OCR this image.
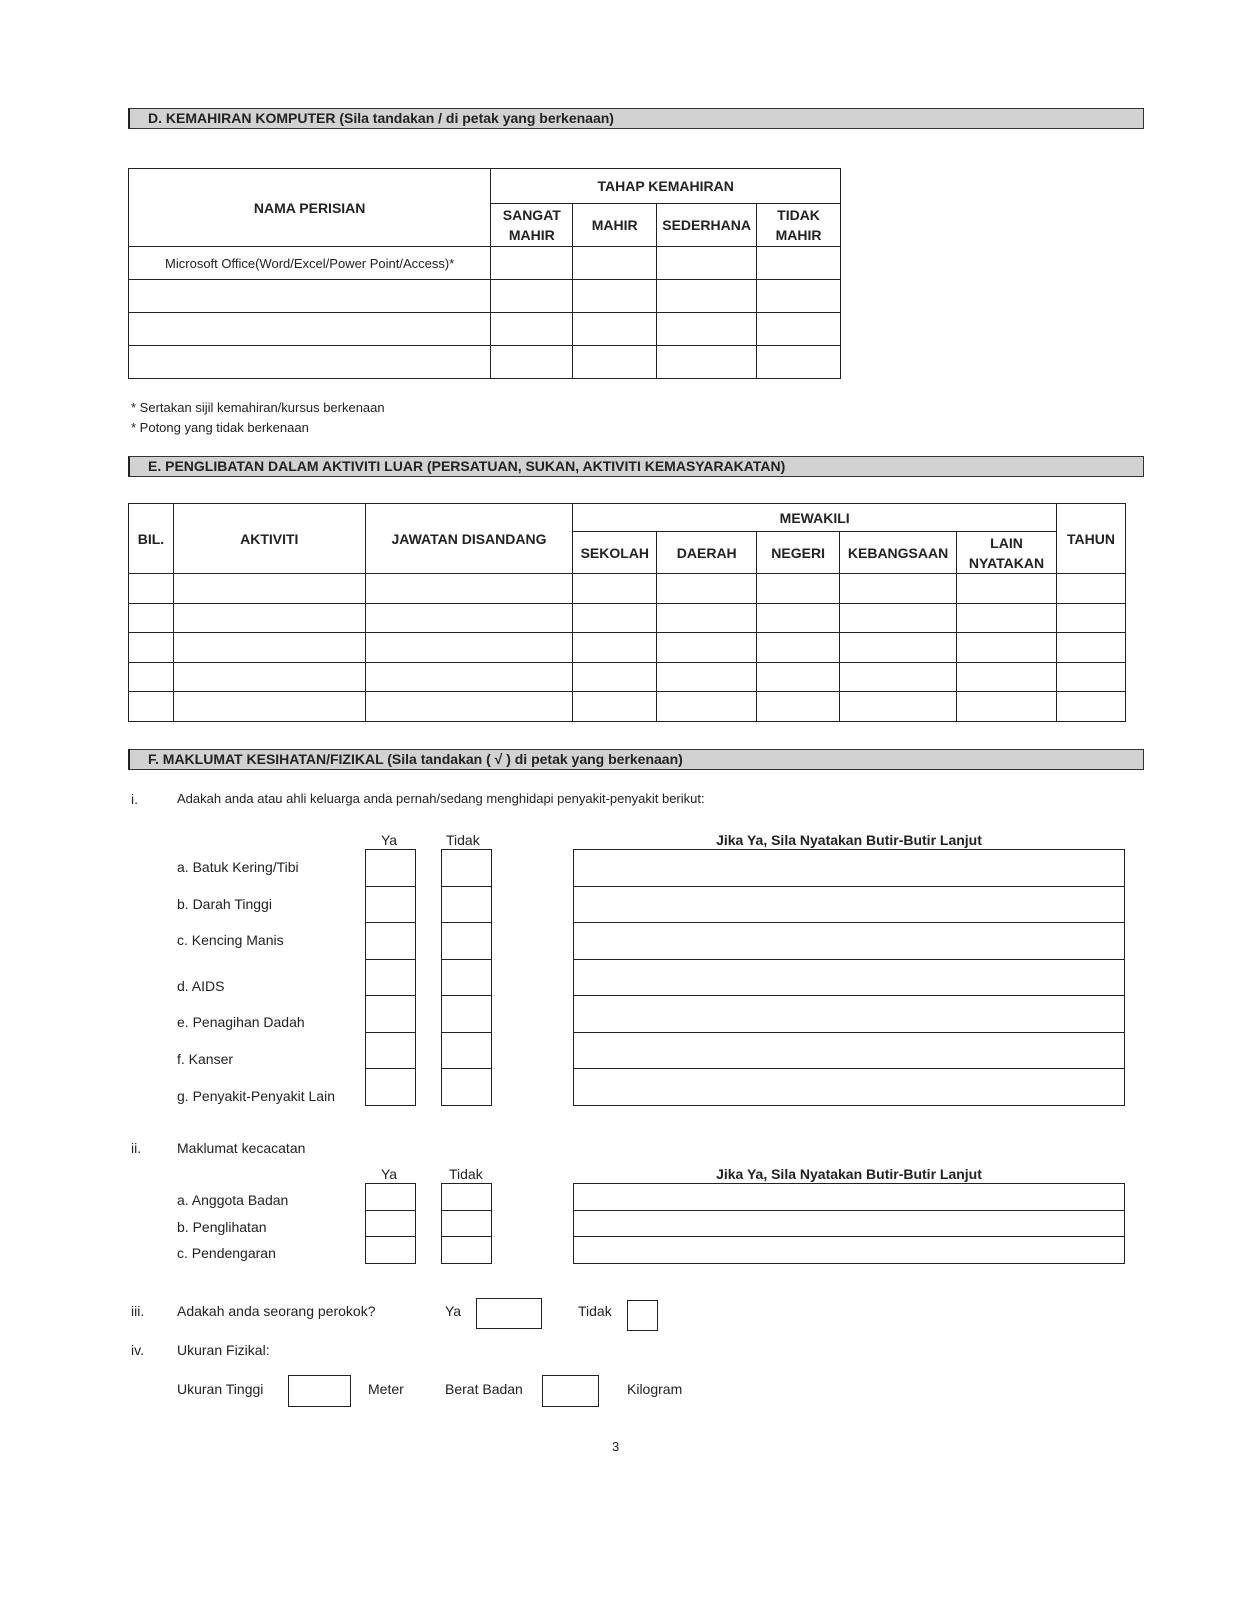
D. KEMAHIRAN KOMPUTER (Sila tandakan / di petak yang berkenaan)
NAMA PERISIAN	TAHAP KEMAHIRAN			
	SANGAT MAHIR	MAHIR	SEDERHANA	TIDAK MAHIR
Microsoft Office(Word/Excel/Power Point/Access)*				

* Sertakan sijil kemahiran/kursus berkenaan
* Potong yang tidak berkenaan
E. PENGLIBATAN DALAM AKTIVITI LUAR (PERSATUAN, SUKAN, AKTIVITI KEMASYARAKATAN)
BIL.	AKTIVITI	JAWATAN DISANDANG	MEWAKILI					TAHUN
			SEKOLAH	DAERAH	NEGERI	KEBANGSAAN	LAIN NYATAKAN	

F. MAKLUMAT KESIHATAN/FIZIKAL (Sila tandakan ( √ ) di petak yang berkenaan)
i.	Adakah anda atau ahli keluarga anda pernah/sedang menghidapi penyakit-penyakit berikut:
Ya	Tidak	Jika Ya, Sila Nyatakan Butir-Butir Lanjut
a. Batuk Kering/Tibi
b. Darah Tinggi
c. Kencing Manis
d. AIDS
e. Penagihan Dadah
f. Kanser
g. Penyakit-Penyakit Lain
ii.	Maklumat kecacatan
Ya	Tidak	Jika Ya, Sila Nyatakan Butir-Butir Lanjut
a. Anggota Badan
b. Penglihatan
c. Pendengaran
iii. Adakah anda seorang perokok?	Ya	Tidak
iv. Ukuran Fizikal:
Ukuran Tinggi	Meter	Berat Badan	Kilogram
3
